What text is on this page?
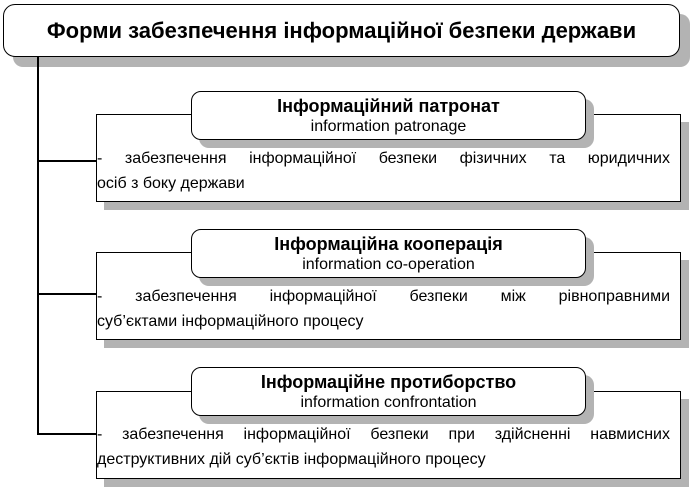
Форми забезпечення інформаційної безпеки держави
- забезпечення інформаційної безпеки фізичних та юридичних
осіб з боку держави
Інформаційний патронат
information patronage
- забезпечення інформаційної безпеки між рівноправними
суб’єктами інформаційного процесу
Інформаційна кооперація
information co-operation
- забезпечення інформаційної безпеки при здійсненні навмисних
деструктивних дій суб’єктів інформаційного процесу
Інформаційне протиборство
information confrontation
